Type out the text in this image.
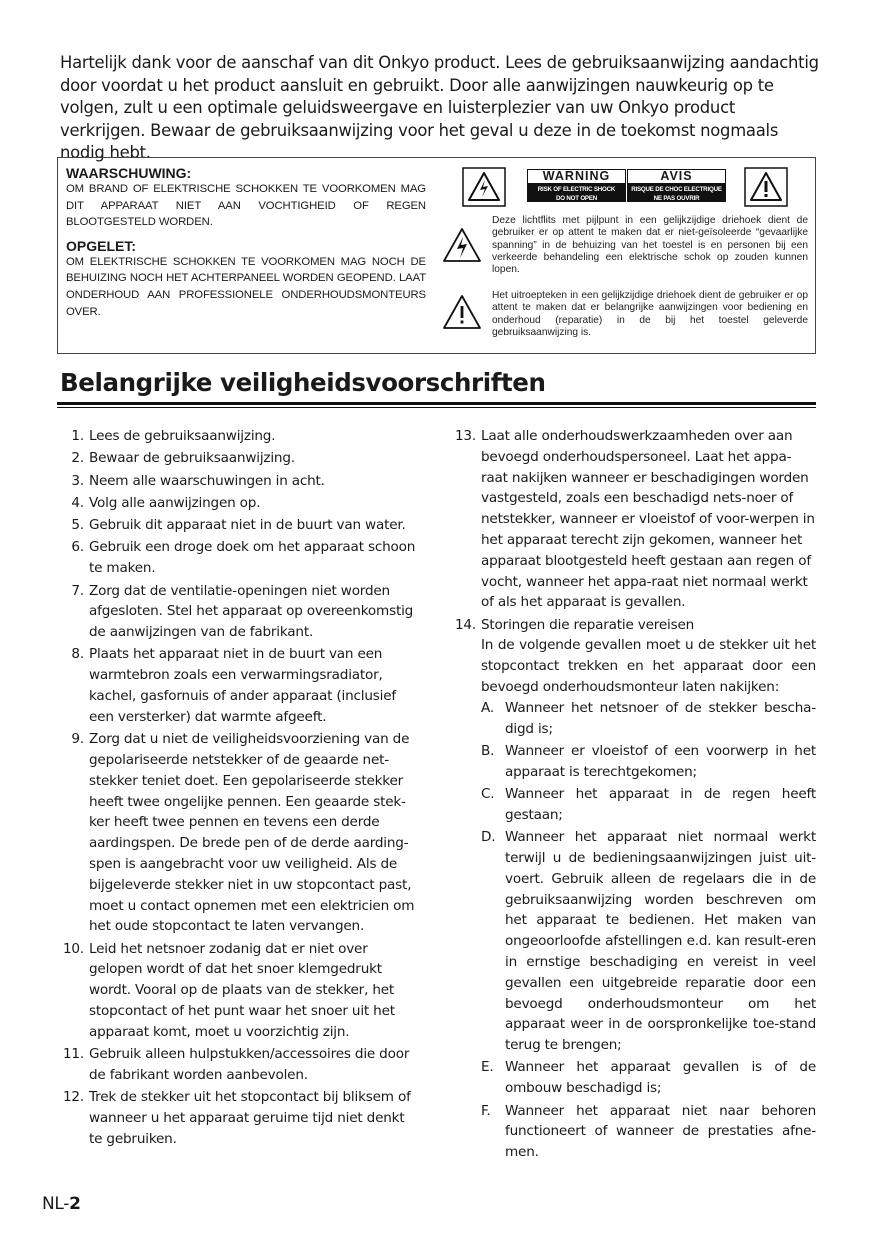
Hartelijk dank voor de aanschaf van dit Onkyo product. Lees de gebruiksaanwijzing aandachtig door voordat u het product aansluit en gebruikt. Door alle aanwijzingen nauwkeurig op te volgen, zult u een optimale geluidsweergave en luisterplezier van uw Onkyo product verkrijgen. Bewaar de gebruiksaanwijzing voor het geval u deze in de toekomst nogmaals nodig hebt.

WAARSCHUWING:
OM BRAND OF ELEKTRISCHE SCHOKKEN TE VOORKOMEN MAG DIT APPARAAT NIET AAN VOCHTIGHEID OF REGEN BLOOTGESTELD WORDEN.
OPGELET:
OM ELEKTRISCHE SCHOKKEN TE VOORKOMEN MAG NOCH DE BEHUIZING NOCH HET ACHTERPANEEL WORDEN GEOPEND. LAAT ONDERHOUD AAN PROFESSIONELE ONDERHOUDSMONTEURS OVER.
WARNING
RISK OF ELECTRIC SHOCK
DO NOT OPEN
AVIS
RISQUE DE CHOC ELECTRIQUE
NE PAS OUVRIR
Deze lichtflits met pijlpunt in een gelijkzijdige driehoek dient de gebruiker er op attent te maken dat er niet-geïsoleerde “gevaarlijke spanning” in de behuizing van het toestel is en personen bij een verkeerde behandeling een elektrische schok op zouden kunnen lopen.
Het uitroepteken in een gelijkzijdige driehoek dient de gebruiker er op attent te maken dat er belangrijke aanwijzingen voor bediening en onderhoud (reparatie) in de bij het toestel geleverde gebruiksaanwijzing is.
Belangrijke veiligheidsvoorschriften
1. Lees de gebruiksaanwijzing.
2. Bewaar de gebruiksaanwijzing.
3. Neem alle waarschuwingen in acht.
4. Volg alle aanwijzingen op.
5. Gebruik dit apparaat niet in de buurt van water.
6. Gebruik een droge doek om het apparaat schoon te maken.
7. Zorg dat de ventilatie-openingen niet worden afgesloten. Stel het apparaat op overeenkomstig de aanwijzingen van de fabrikant.
8. Plaats het apparaat niet in de buurt van een warmtebron zoals een verwarmingsradiator, kachel, gasfornuis of ander apparaat (inclusief een versterker) dat warmte afgeeft.
9. Zorg dat u niet de veiligheidsvoorziening van de gepolariseerde netstekker of de geaarde net-stekker teniet doet. Een gepolariseerde stekker heeft twee ongelijke pennen. Een geaarde stek-ker heeft twee pennen en tevens een derde aardingspen. De brede pen of de derde aarding-spen is aangebracht voor uw veiligheid. Als de bijgeleverde stekker niet in uw stopcontact past, moet u contact opnemen met een elektricien om het oude stopcontact te laten vervangen.
10. Leid het netsnoer zodanig dat er niet over gelopen wordt of dat het snoer klemgedrukt wordt. Vooral op de plaats van de stekker, het stopcontact of het punt waar het snoer uit het apparaat komt, moet u voorzichtig zijn.
11. Gebruik alleen hulpstukken/accessoires die door de fabrikant worden aanbevolen.
12. Trek de stekker uit het stopcontact bij bliksem of wanneer u het apparaat geruime tijd niet denkt te gebruiken.
13. Laat alle onderhoudswerkzaamheden over aan bevoegd onderhoudspersoneel. Laat het appa-raat nakijken wanneer er beschadigingen worden vastgesteld, zoals een beschadigd nets-noer of netstekker, wanneer er vloeistof of voor-werpen in het apparaat terecht zijn gekomen, wanneer het apparaat blootgesteld heeft gestaan aan regen of vocht, wanneer het appa-raat niet normaal werkt of als het apparaat is gevallen.
14. Storingen die reparatie vereisen
In de volgende gevallen moet u de stekker uit het stopcontact trekken en het apparaat door een bevoegd onderhoudsmonteur laten nakijken:
A. Wanneer het netsnoer of de stekker bescha-digd is;
B. Wanneer er vloeistof of een voorwerp in het apparaat is terechtgekomen;
C. Wanneer het apparaat in de regen heeft gestaan;
D. Wanneer het apparaat niet normaal werkt terwijl u de bedieningsaanwijzingen juist uit-voert. Gebruik alleen de regelaars die in de gebruiksaanwijzing worden beschreven om het apparaat te bedienen. Het maken van ongeoorloofde afstellingen e.d. kan result-eren in ernstige beschadiging en vereist in veel gevallen een uitgebreide reparatie door een bevoegd onderhoudsmonteur om het apparaat weer in de oorspronkelijke toe-stand terug te brengen;
E. Wanneer het apparaat gevallen is of de ombouw beschadigd is;
F.	Wanneer het apparaat niet naar behoren functioneert of wanneer de prestaties afne-men.
NL-2
